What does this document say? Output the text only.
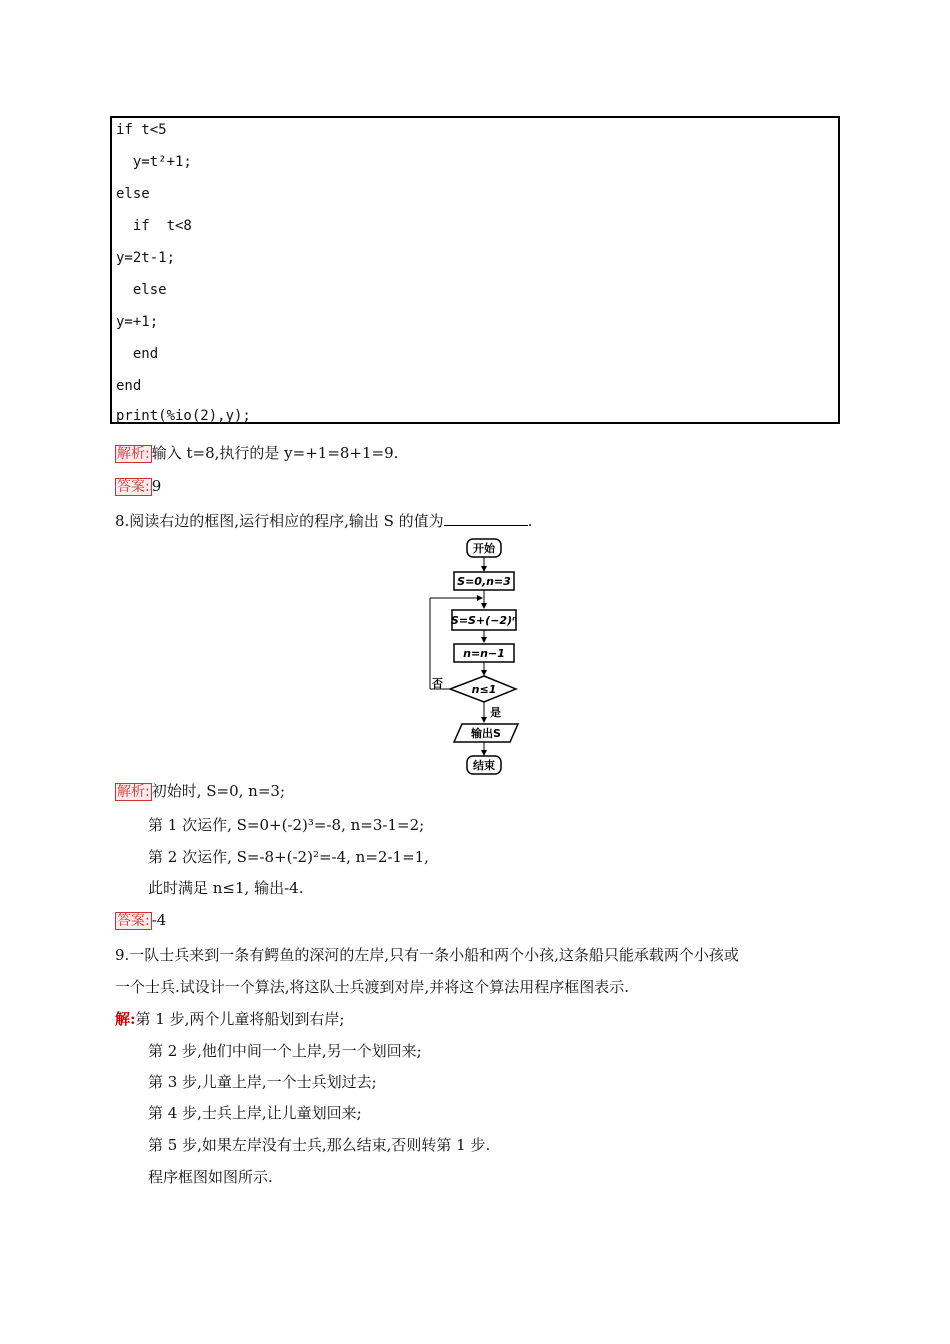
if t<5
y=t²+1;
else
if  t<8
y=2t-1;
else
y=+1;
end
end
print(%io(2),y);
解析: 输入 t=8,执行的是 y=+1=8+1=9.
答案: 9
8.阅读右边的框图,运行相应的程序,输出 S 的值为	.
开始
S=0,n=3
S=S+(−2)ⁿ
n=n−1
n≤1
否
是
输出S
结束
解析: 初始时, S=0, n=3;
第 1 次运作, S=0+(-2)³=-8, n=3-1=2;
第 2 次运作, S=-8+(-2)²=-4, n=2-1=1,
此时满足 n≤1, 输出-4.
答案: -4
9.一队士兵来到一条有鳄鱼的深河的左岸,只有一条小船和两个小孩,这条船只能承载两个小孩或
一个士兵.试设计一个算法,将这队士兵渡到对岸,并将这个算法用程序框图表示.
解:第 1 步,两个儿童将船划到右岸;
第 2 步,他们中间一个上岸,另一个划回来;
第 3 步,儿童上岸,一个士兵划过去;
第 4 步,士兵上岸,让儿童划回来;
第 5 步,如果左岸没有士兵,那么结束,否则转第 1 步.
程序框图如图所示.
